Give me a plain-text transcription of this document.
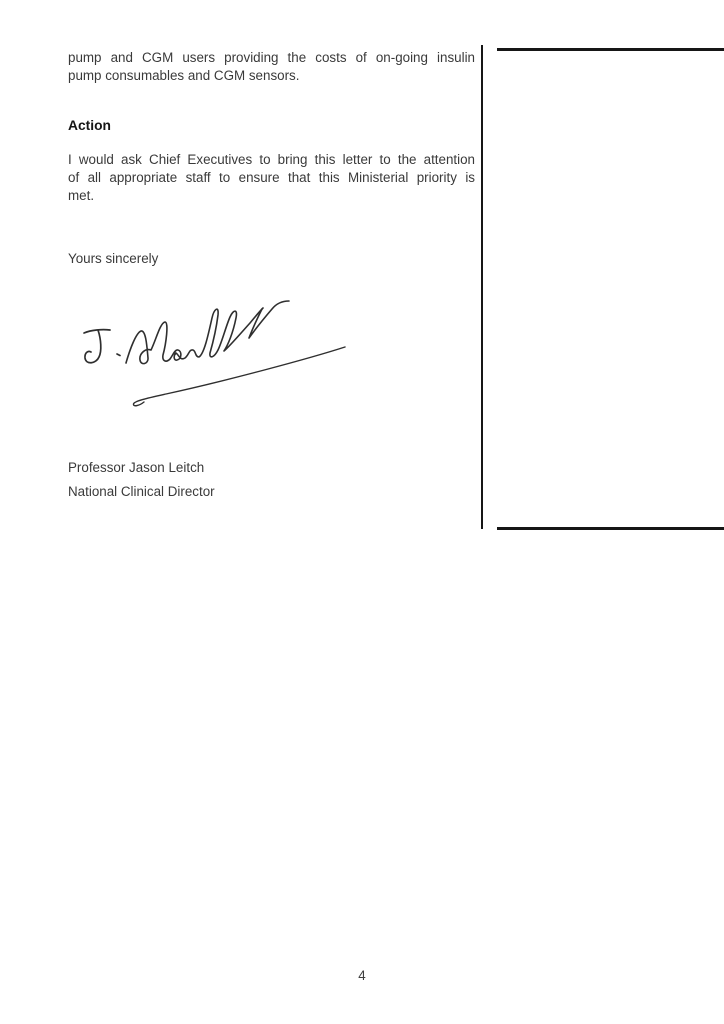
pump and CGM users providing the costs of on-going insulin
pump consumables and CGM sensors.
Action
I would ask Chief Executives to bring this letter to the attention
of all appropriate staff to ensure that this Ministerial priority is
met.
Yours sincerely
Professor Jason Leitch
National Clinical Director
4
